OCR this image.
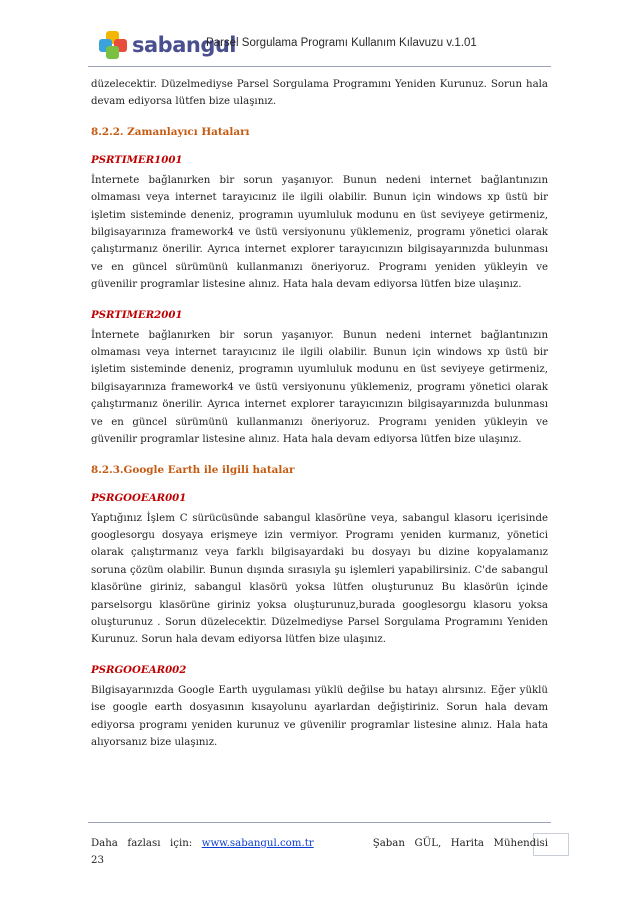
sabangul
Parsel Sorgulama Programı Kullanım Kılavuzu v.1.01

düzelecektir. Düzelmediyse Parsel Sorgulama Programını Yeniden Kurunuz. Sorun hala devam ediyorsa lütfen bize ulaşınız.

8.2.2. Zamanlayıcı Hataları
PSRTIMER1001

İnternete bağlanırken bir sorun yaşanıyor. Bunun nedeni internet bağlantınızın olmaması veya internet tarayıcınız ile ilgili olabilir. Bunun için windows xp üstü bir işletim sisteminde deneniz, programın uyumluluk modunu en üst seviyeye getirmeniz, bilgisayarınıza framework4 ve üstü versiyonunu yüklemeniz, programı yönetici olarak çalıştırmanız önerilir. Ayrıca internet explorer tarayıcınızın bilgisayarınızda bulunması ve en güncel sürümünü kullanmanızı öneriyoruz. Programı yeniden yükleyin ve güvenilir programlar listesine alınız. Hata hala devam ediyorsa lütfen bize ulaşınız.

PSRTIMER2001

İnternete bağlanırken bir sorun yaşanıyor. Bunun nedeni internet bağlantınızın olmaması veya internet tarayıcınız ile ilgili olabilir. Bunun için windows xp üstü bir işletim sisteminde deneniz, programın uyumluluk modunu en üst seviyeye getirmeniz, bilgisayarınıza framework4 ve üstü versiyonunu yüklemeniz, programı yönetici olarak çalıştırmanız önerilir. Ayrıca internet explorer tarayıcınızın bilgisayarınızda bulunması ve en güncel sürümünü kullanmanızı öneriyoruz. Programı yeniden yükleyin ve güvenilir programlar listesine alınız. Hata hala devam ediyorsa lütfen bize ulaşınız.

8.2.3.Google Earth ile ilgili hatalar
PSRGOOEAR001

Yaptığınız İşlem C sürücüsünde sabangul klasörüne veya, sabangul klasoru içerisinde googlesorgu dosyaya erişmeye izin vermiyor. Programı yeniden kurmanız, yönetici olarak çalıştırmanız veya farklı bilgisayardaki bu dosyayı bu dizine kopyalamanız soruna çözüm olabilir. Bunun dışında sırasıyla şu işlemleri yapabilirsiniz. C'de sabangul klasörüne giriniz, sabangul klasörü yoksa lütfen oluşturunuz Bu klasörün içinde parselsorgu klasörüne giriniz yoksa oluşturunuz,burada googlesorgu klasoru yoksa oluşturunuz . Sorun düzelecektir. Düzelmediyse Parsel Sorgulama Programını Yeniden Kurunuz. Sorun hala devam ediyorsa lütfen bize ulaşınız.

PSRGOOEAR002

Bilgisayarınızda Google Earth uygulaması yüklü değilse bu hatayı alırsınız. Eğer yüklü ise google earth dosyasının kısayolunu ayarlardan değiştiriniz. Sorun hala devam ediyorsa programı yeniden kurunuz ve güvenilir programlar listesine alınız. Hala hata alıyorsanız bize ulaşınız.

Daha fazlası için: www.sabangul.com.tr	Şaban GÜL, Harita Mühendisi
23
